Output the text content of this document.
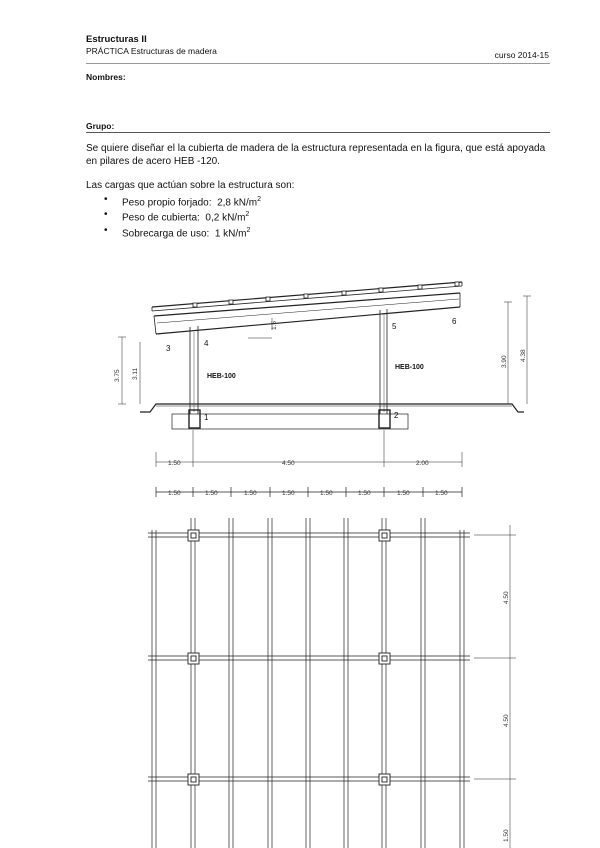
Estructuras II
PRÁCTICA Estructuras de madera	curso 2014-15
Nombres:
Grupo:
Se quiere diseñar el la cubierta de madera de la estructura representada en la figura, que está apoyada en pilares de acero HEB -120.
Las cargas que actúan sobre la estructura son:
• Peso propio forjado: 2,8 $kN/m^2$
• Peso de cubierta: 0,2 $kN/m^2$
• Sobrecarga de uso: 1 $kN/m^2$
1	2
3
4
5
6
HEB-100
HEB-100
1.50	4.50	2.00
3.75 3.11
3.90 4.38
1.5
1.50	1.50	1.50	1.50	1.50	1.50	1.50	1.50
4.50
4.50
1.50
